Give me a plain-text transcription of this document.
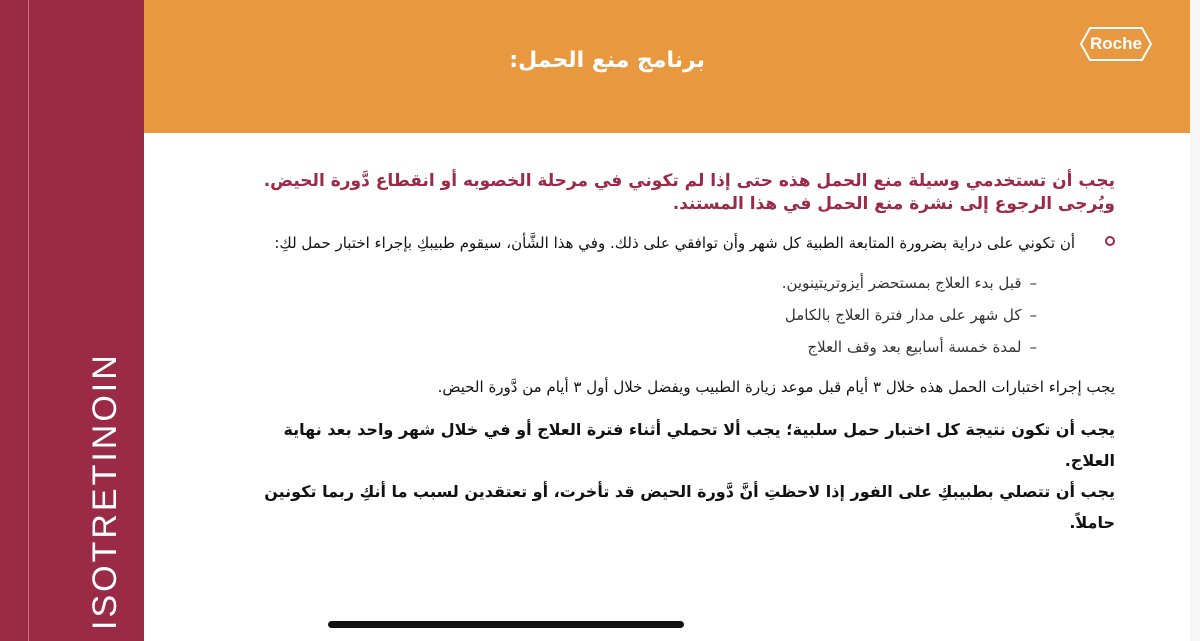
ISOTRETINOIN
برنامج منع الحمل:
Roche

يجب أن تستخدمي وسيلة منع الحمل هذه حتى إذا لم تكوني في مرحلة الخصوبه أو انقطاع دَّورة الحيض. ويُرجى الرجوع إلى نشرة منع الحمل في هذا المستند.

أن تكوني على دراية بضرورة المتابعة الطبية كل شهر وأن توافقي على ذلك. وفي هذا الشَّأن، سيقوم طبيبكِ بإجراء اختبار حمل لكِ:
–قبل بدء العلاج بمستحضر أيزوتريتينوين.
–كل شهر على مدار فترة العلاج بالكامل
–لمدة خمسة أسابيع بعد وقف العلاج
يجب إجراء اختبارات الحمل هذه خلال ٣ أيام قبل موعد زيارة الطبيب ويفضل خلال أول ٣ أيام من دَّورة الحيض.
يجب أن تكون نتيجة كل اختبار حمل سلبية؛ يجب ألا تحملي أثناء فترة العلاج أو في خلال شهر واحد بعد نهاية العلاج.
يجب أن تتصلي بطبيبكِ على الفور إذا لاحظتِ أنَّ دَّورة الحيض قد تأخرت، أو تعتقدين لسبب ما أنكِ ربما تكونين حاملاً.
